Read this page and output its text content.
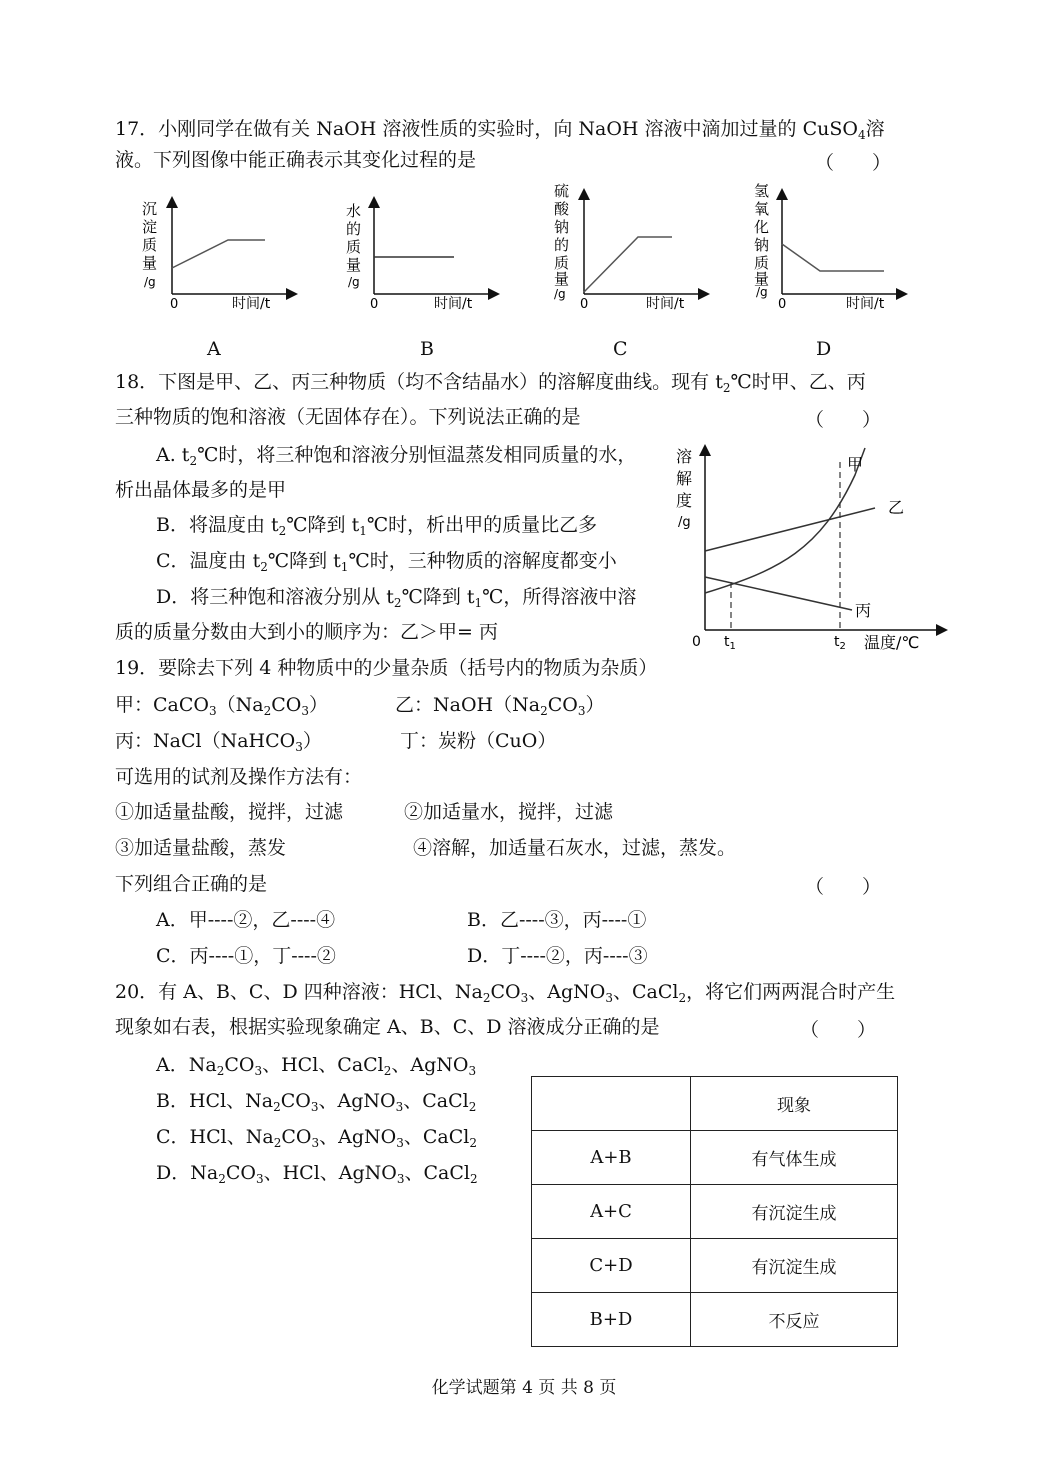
17．小刚同学在做有关 NaOH 溶液性质的实验时，向 NaOH 溶液中滴加过量的 CuSO$_4$溶
液。下列图像中能正确表示其变化过程的是	（　　）
沉
淀
质
量
/g
0	时间/t
水
的
质
量
/g
0	时间/t
硫
酸
钠
的
质
量
/g
0	时间/t
氢
氧
化
钠
质
量
/g
0	时间/t
A	B	C	D
18．下图是甲、乙、丙三种物质（均不含结晶水）的溶解度曲线。现有 $t_2℃$时甲、乙、丙
三种物质的饱和溶液（无固体存在）。下列说法正确的是	（　　）
A. $t_2℃$时，将三种饱和溶液分别恒温蒸发相同质量的水，
析出晶体最多的是甲
B．将温度由 $t_2℃$降到 $t_1℃$时，析出甲的质量比乙多
C．温度由 $t_2℃$降到 $t_1℃$时，三种物质的溶解度都变小
D．将三种饱和溶液分别从 $t_2℃$降到 $t_1℃$，所得溶液中溶
质的质量分数由大到小的顺序为：乙＞甲= 丙
溶
解
度
/g
0 $t_1$	$t_2$ 温度/℃
甲
乙
丙
19．要除去下列 4 种物质中的少量杂质（括号内的物质为杂质）
甲：$CaCO_3(Na_2CO_3)$	乙：$NaOH(Na_2CO_3)$
丙：NaCl（NaHCO$_3$）	丁：炭粉（CuO）
可选用的试剂及操作方法有：
①加适量盐酸，搅拌，过滤	②加适量水，搅拌，过滤
③加适量盐酸，蒸发	④溶解，加适量石灰水，过滤，蒸发。
下列组合正确的是	（　　）
A．甲----②，乙----④	B．乙----③，丙----①
C．丙----①，丁----②	D．丁----②，丙----③
20．有 A、B、C、D 四种溶液：HCl、$Na_2CO_3$、AgNO$_3$、CaCl$_2$，将它们两两混合时产生
现象如右表，根据实验现象确定 A、B、C、D 溶液成分正确的是	（　　）
A．$Na_2CO_3$、HCl、CaCl$_2$、AgNO$_3$
B．HCl、$Na_2CO_3$、AgNO$_3$、CaCl$_2$
C．HCl、$Na_2CO_3$、AgNO$_3$、CaCl$_2$
D．$Na_2CO_3$、HCl、AgNO$_3$、CaCl$_2$
	现象
A+B	有气体生成
A+C	有沉淀生成
C+D	有沉淀生成
B+D	不反应
化学试题第 4 页 共 8 页
